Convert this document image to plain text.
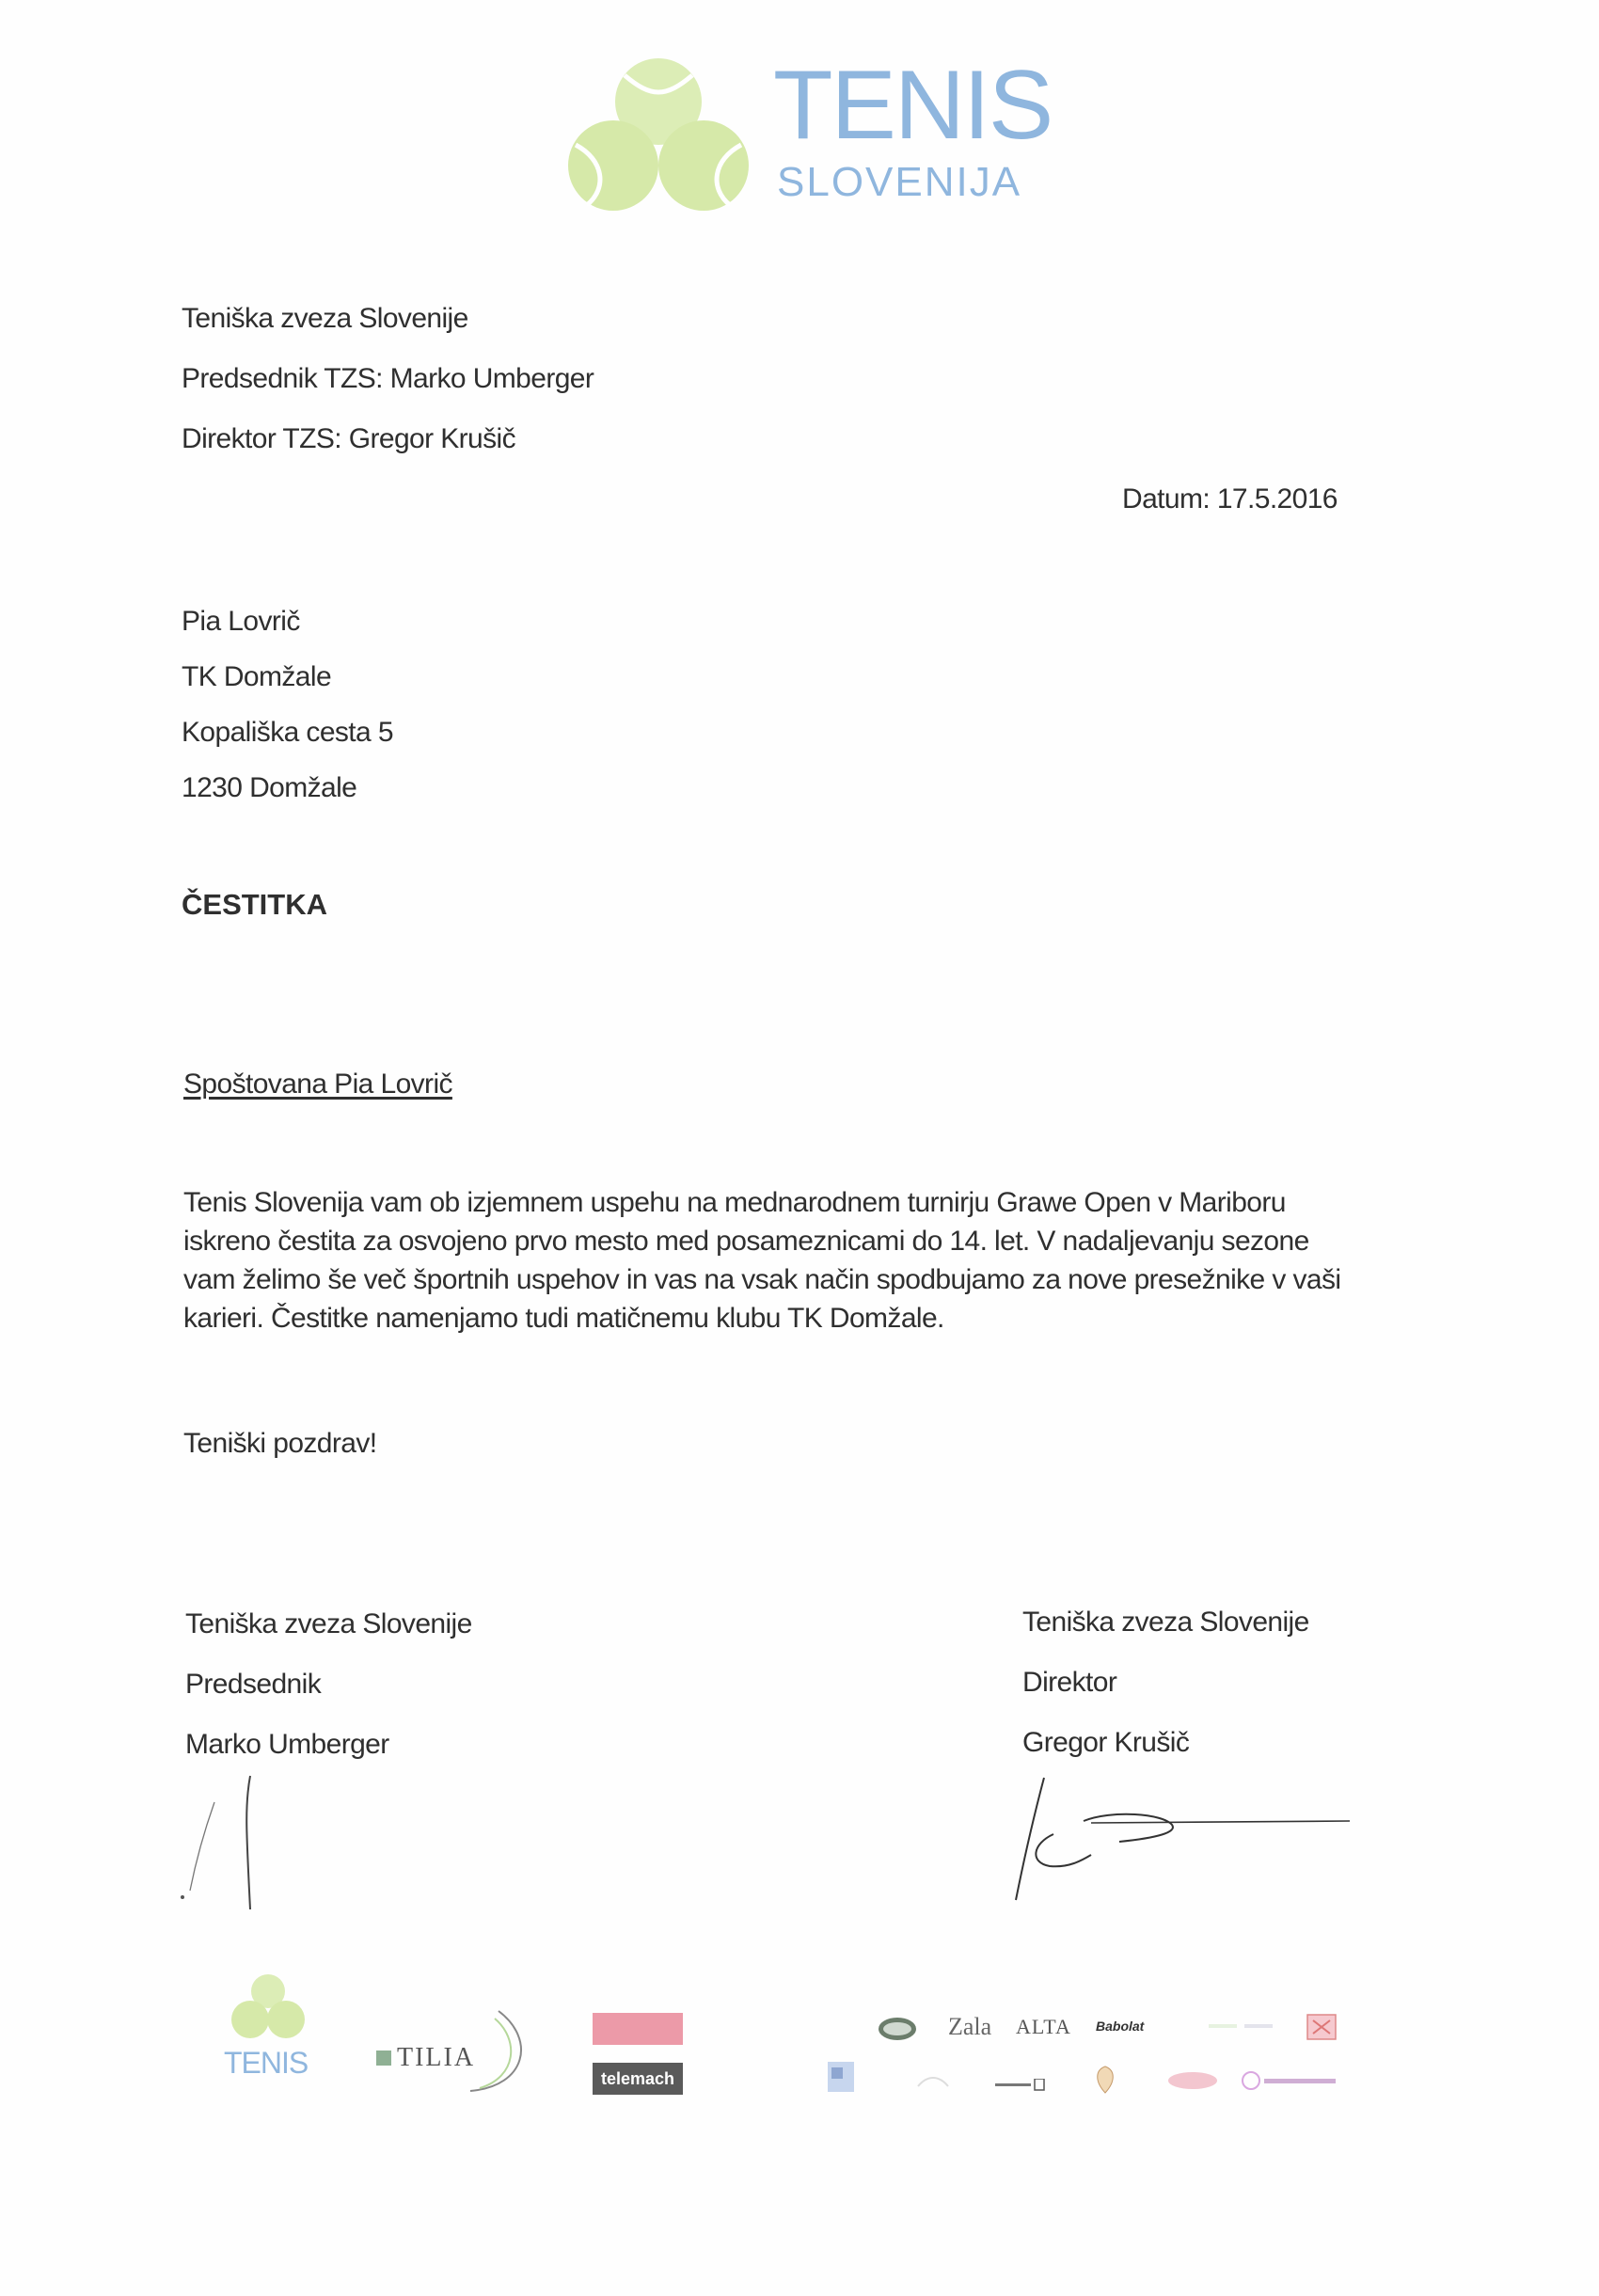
TENIS
SLOVENIJA
Teniška zveza Slovenije
Predsednik TZS: Marko Umberger
Direktor TZS: Gregor Krušič
Datum: 17.5.2016
Pia Lovrič
TK Domžale
Kopališka cesta 5
1230 Domžale
ČESTITKA
Spoštovana Pia Lovrič
Tenis Slovenija vam ob izjemnem uspehu na mednarodnem turnirju Grawe Open v Mariboru iskreno čestita za osvojeno prvo mesto med posameznicami do 14. let. V nadaljevanju sezone vam želimo še več športnih uspehov in vas na vsak način spodbujamo za nove presežnike v vaši karieri. Čestitke namenjamo tudi matičnemu klubu TK Domžale.
Teniški pozdrav!
Teniška zveza Slovenije
Predsednik
Marko Umberger
Teniška zveza Slovenije
Direktor
Gregor Krušič
TENIS	TILIA
telemach
Zala ALTA Babolat
